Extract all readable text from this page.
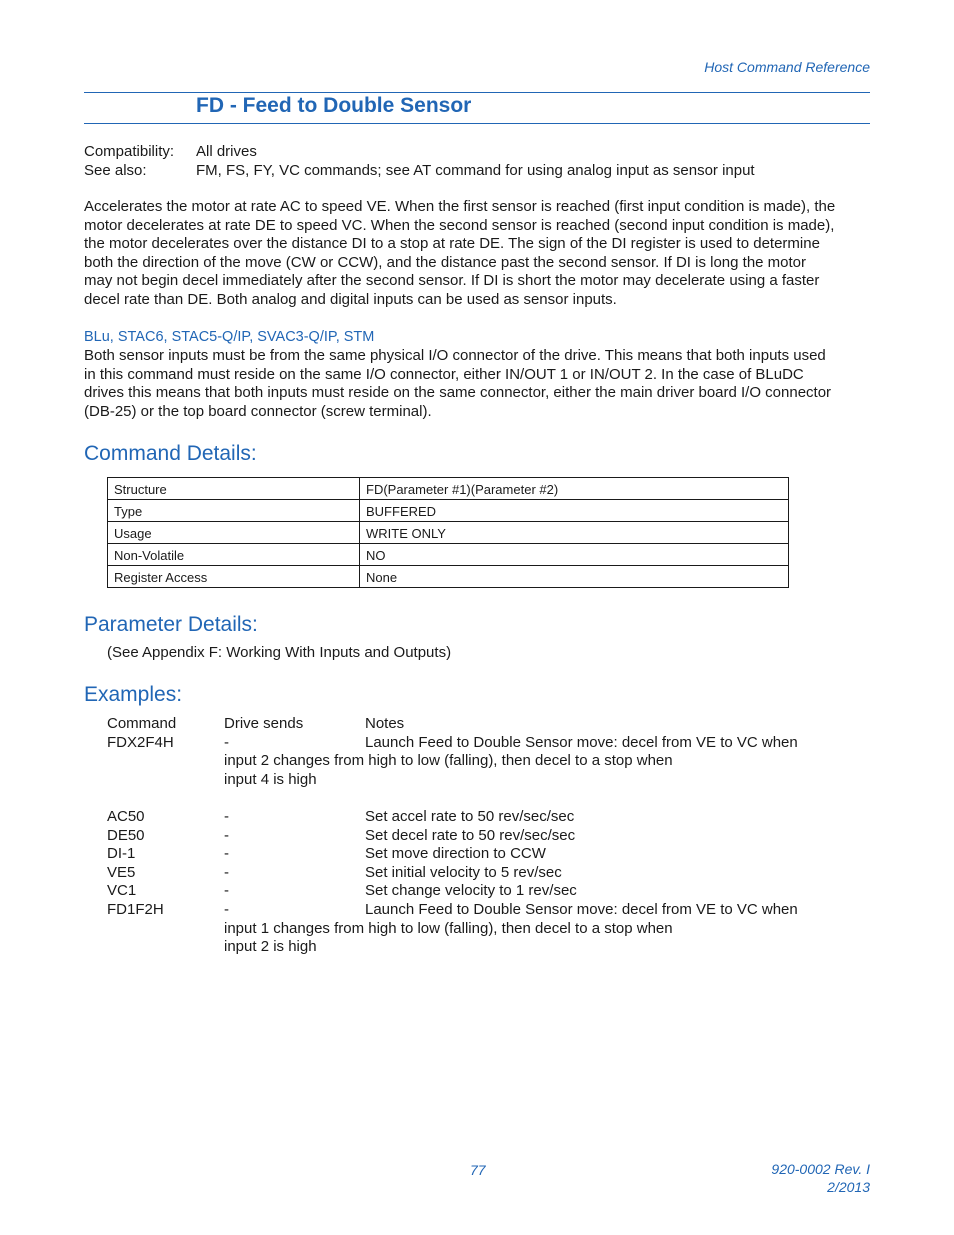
Host Command Reference
FD - Feed to Double Sensor
Compatibility: All drives
See also:	FM, FS, FY, VC commands; see AT command for using analog input as sensor input
Accelerates the motor at rate AC to speed VE. When the first sensor is reached (first input condition is made), the
motor decelerates at rate DE to speed VC. When the second sensor is reached (second input condition is made),
the motor decelerates over the distance DI to a stop at rate DE. The sign of the DI register is used to determine
both the direction of the move (CW or CCW), and the distance past the second sensor. If DI is long the motor
may not begin decel immediately after the second sensor. If DI is short the motor may decelerate using a faster
decel rate than DE. Both analog and digital inputs can be used as sensor inputs.
BLu, STAC6, STAC5-Q/IP, SVAC3-Q/IP, STM
Both sensor inputs must be from the same physical I/O connector of the drive. This means that both inputs used
in this command must reside on the same I/O connector, either IN/OUT 1 or IN/OUT 2. In the case of BLuDC
drives this means that both inputs must reside on the same connector, either the main driver board I/O connector
(DB-25) or the top board connector (screw terminal).
Command Details:
Structure	FD(Parameter #1)(Parameter #2)
Type	BUFFERED
Usage	WRITE ONLY
Non-Volatile	NO
Register Access	None
Parameter Details:
(See Appendix F: Working With Inputs and Outputs)
Examples:
Command	Drive sends	Notes
FDX2F4H	-	Launch Feed to Double Sensor move: decel from VE to VC when
input 2 changes from high to low (falling), then decel to a stop when
input 4 is high
AC50	-	Set accel rate to 50 rev/sec/sec
DE50	-	Set decel rate to 50 rev/sec/sec
DI-1	-	Set move direction to CCW
VE5	-	Set initial velocity to 5 rev/sec
VC1	-	Set change velocity to 1 rev/sec
FD1F2H	-	Launch Feed to Double Sensor move: decel from VE to VC when
input 1 changes from high to low (falling), then decel to a stop when
input 2 is high
77	920-0002 Rev. I
2/2013
